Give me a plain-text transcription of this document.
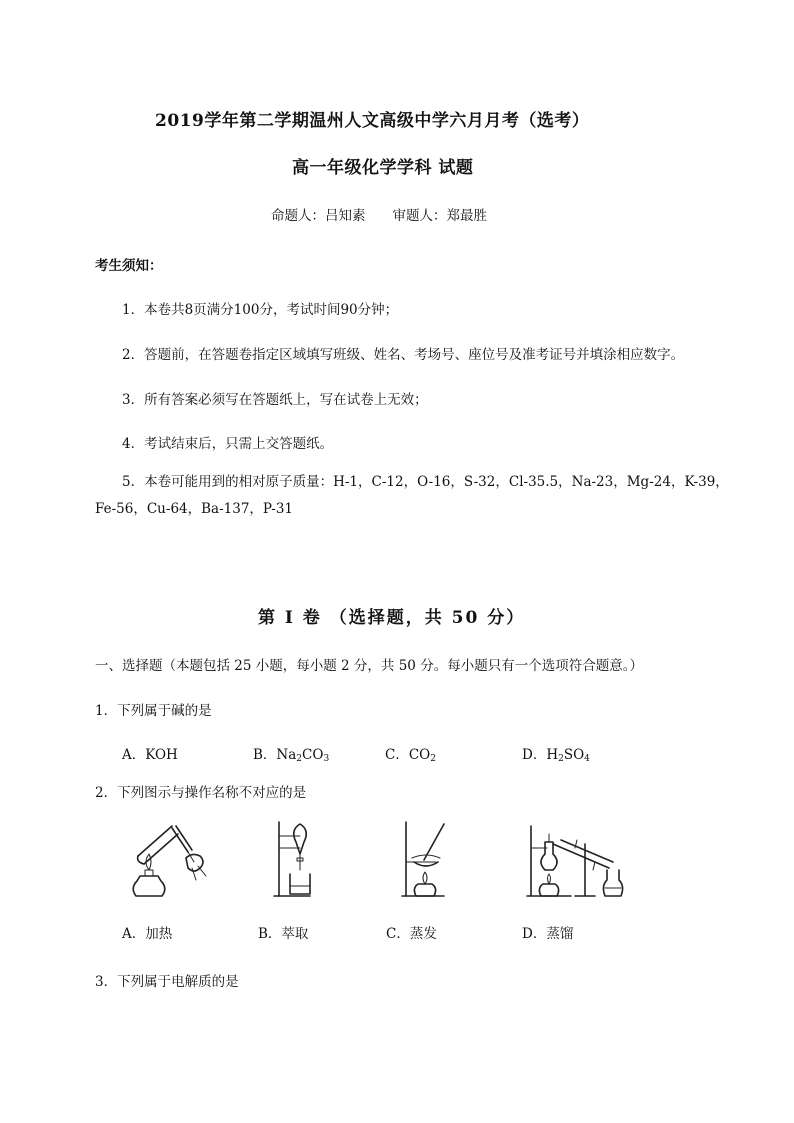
2019学年第二学期温州人文高级中学六月月考（选考）
高一年级化学学科 试题
命题人：吕知素　　审题人：郑最胜
考生须知：
1．本卷共8页满分100分，考试时间90分钟；
2．答题前，在答题卷指定区域填写班级、姓名、考场号、座位号及准考证号并填涂相应数字。
3．所有答案必须写在答题纸上，写在试卷上无效；
4．考试结束后，只需上交答题纸。
5．本卷可能用到的相对原子质量：H-1，C-12，O-16，S-32，Cl-35.5，Na-23，Mg-24，K-39，
Fe-56，Cu-64，Ba-137，P-31
第 I 卷 （选择题，共 50 分）
一、选择题（本题包括 25 小题，每小题 2 分，共 50 分。每小题只有一个选项符合题意。）
1．下列属于碱的是
A．KOH	B．$Na_2CO_3$	C．$CO_2$	D．$H_2SO_4$
2．下列图示与操作名称不对应的是
A．加热	B．萃取	C．蒸发	D．蒸馏
3．下列属于电解质的是
